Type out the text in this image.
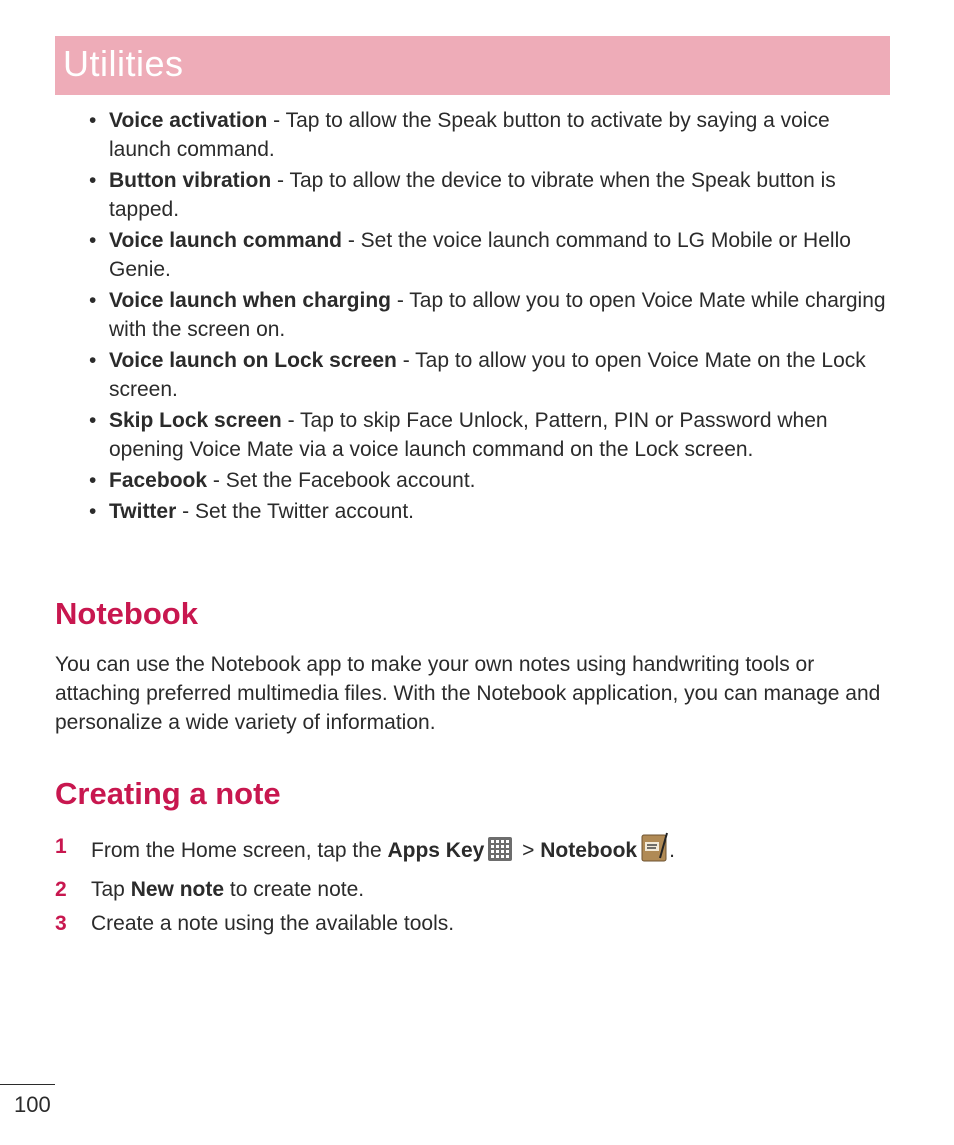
Utilities
• Voice activation - Tap to allow the Speak button to activate by saying a voice launch command.
• Button vibration - Tap to allow the device to vibrate when the Speak button is tapped.
• Voice launch command - Set the voice launch command to LG Mobile or Hello Genie.
• Voice launch when charging - Tap to allow you to open Voice Mate while charging with the screen on.
• Voice launch on Lock screen - Tap to allow you to open Voice Mate on the Lock screen.
• Skip Lock screen - Tap to skip Face Unlock, Pattern, PIN or Password when opening Voice Mate via a voice launch command on the Lock screen.
• Facebook - Set the Facebook account.
• Twitter - Set the Twitter account.
Notebook

You can use the Notebook app to make your own notes using handwriting tools or attaching preferred multimedia files. With the Notebook application, you can manage and personalize a wide variety of information.

Creating a note
1 From the Home screen, tap the Apps Key
> Notebook .
2 Tap New note to create note.
3 Create a note using the available tools.
100
